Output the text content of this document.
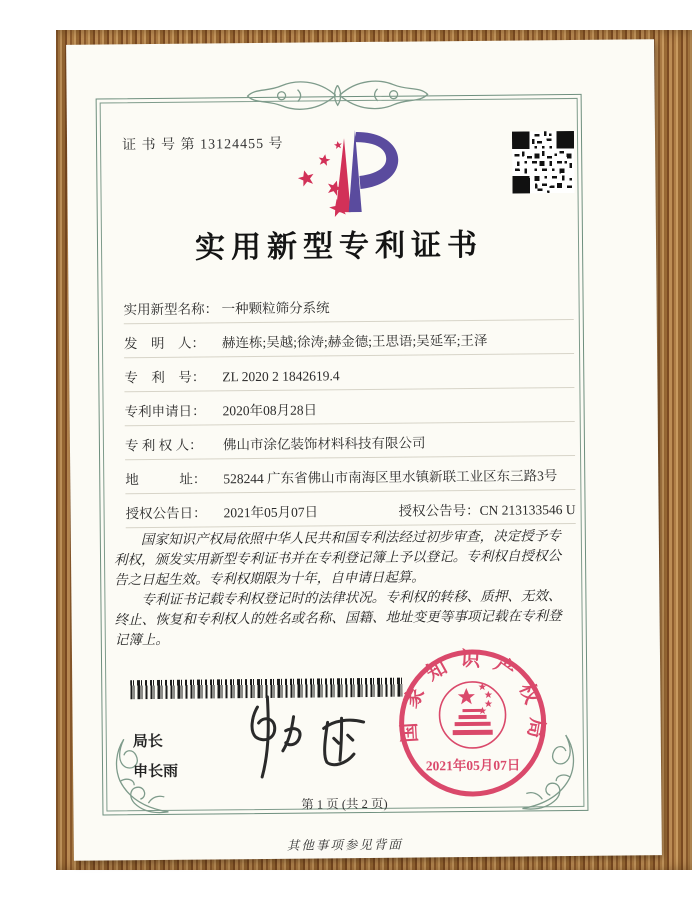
证 书 号 第 13124455 号
实用新型专利证书
实用新型名称： 一种颗粒筛分系统
发　明　人：	赫连栋;吴越;徐涛;赫金德;王思语;吴延军;王泽
专　利　号：	ZL 2020 2 1842619.4
专利申请日：	2020年08月28日
专 利 权 人：	佛山市涂亿装饰材料科技有限公司
地　　　址：	528244 广东省佛山市南海区里水镇新联工业区东三路3号
授权公告日：	2021年05月07日	授权公告号： CN 213133546 U

国家知识产权局依照中华人民共和国专利法经过初步审查，决定授予专利权，颁发实用新型专利证书并在专利登记簿上予以登记。专利权自授权公告之日起生效。专利权期限为十年，自申请日起算。

专利证书记载专利权登记时的法律状况。专利权的转移、质押、无效、终止、恢复和专利权人的姓名或名称、国籍、地址变更等事项记载在专利登记簿上。

局长
申长雨
国家知识产权局
2021年05月07日
第 1 页 (共 2 页)
其他事项参见背面
